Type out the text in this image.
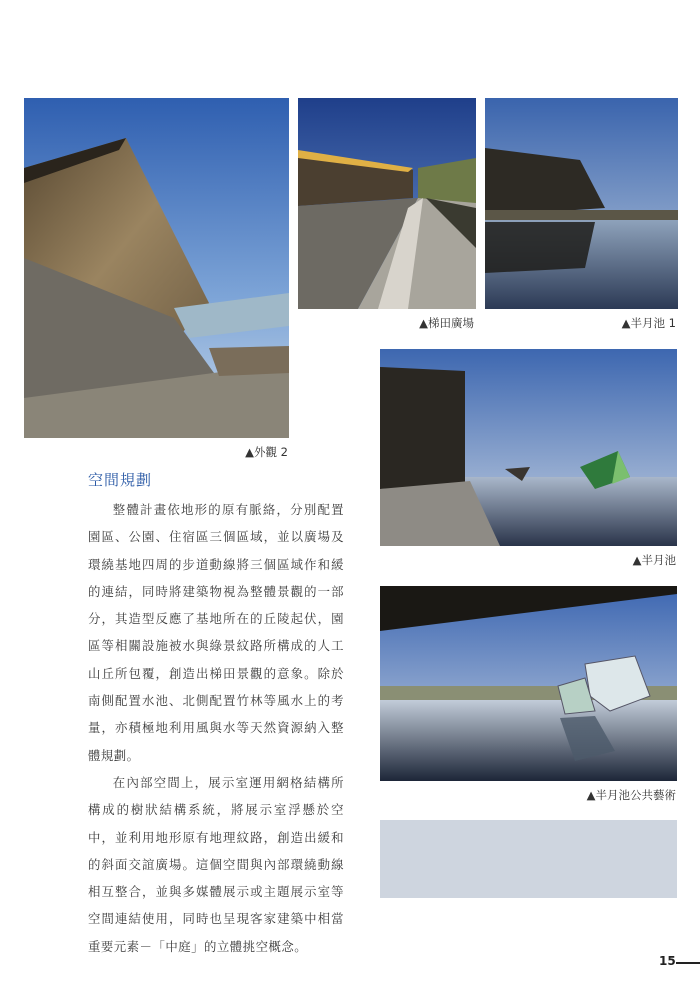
▲外觀 2
▲梯田廣場	▲半月池 1
▲半月池
▲半月池公共藝術
空間規劃

整體計畫依地形的原有脈絡，分別配置園區、公園、住宿區三個區域，並以廣場及環繞基地四周的步道動線將三個區域作和緩的連結，同時將建築物視為整體景觀的一部分，其造型反應了基地所在的丘陵起伏，園區等相關設施被水與綠景紋路所構成的人工山丘所包覆，創造出梯田景觀的意象。除於南側配置水池、北側配置竹林等風水上的考量，亦積極地利用風與水等天然資源納入整體規劃。

在內部空間上，展示室運用網格結構所構成的樹狀結構系統，將展示室浮懸於空中，並利用地形原有地理紋路，創造出緩和的斜面交誼廣場。這個空間與內部環繞動線相互整合，並與多媒體展示或主題展示室等空間連結使用，同時也呈現客家建築中相當重要元素－「中庭」的立體挑空概念。

15
